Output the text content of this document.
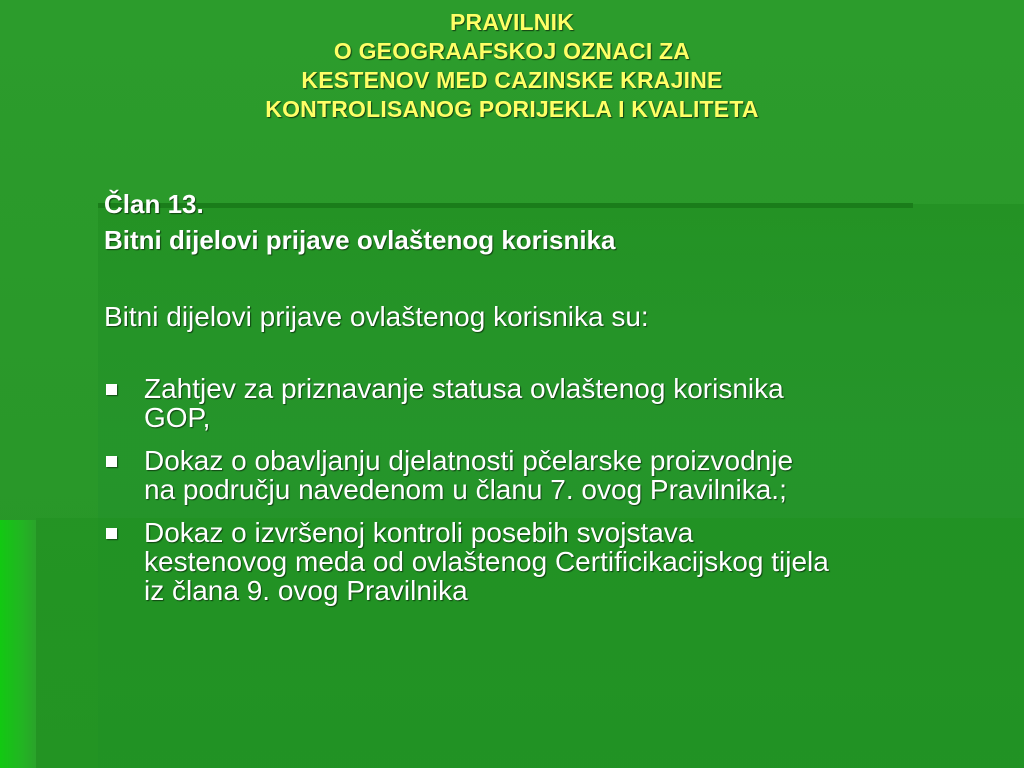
PRAVILNIK
O GEOGRAAFSKOJ OZNACI ZA
KESTENOV MED CAZINSKE KRAJINE
KONTROLISANOG PORIJEKLA I KVALITETA
Član 13.
Bitni dijelovi prijave ovlaštenog korisnika
Bitni dijelovi prijave ovlaštenog korisnika su:
Zahtjev za priznavanje statusa ovlaštenog korisnika
GOP,
Dokaz o obavljanju djelatnosti pčelarske proizvodnje
na području navedenom u članu 7. ovog Pravilnika.;
Dokaz o izvršenoj kontroli posebih svojstava
kestenovog meda od ovlaštenog Certificikacijskog tijela
iz člana 9. ovog Pravilnika
